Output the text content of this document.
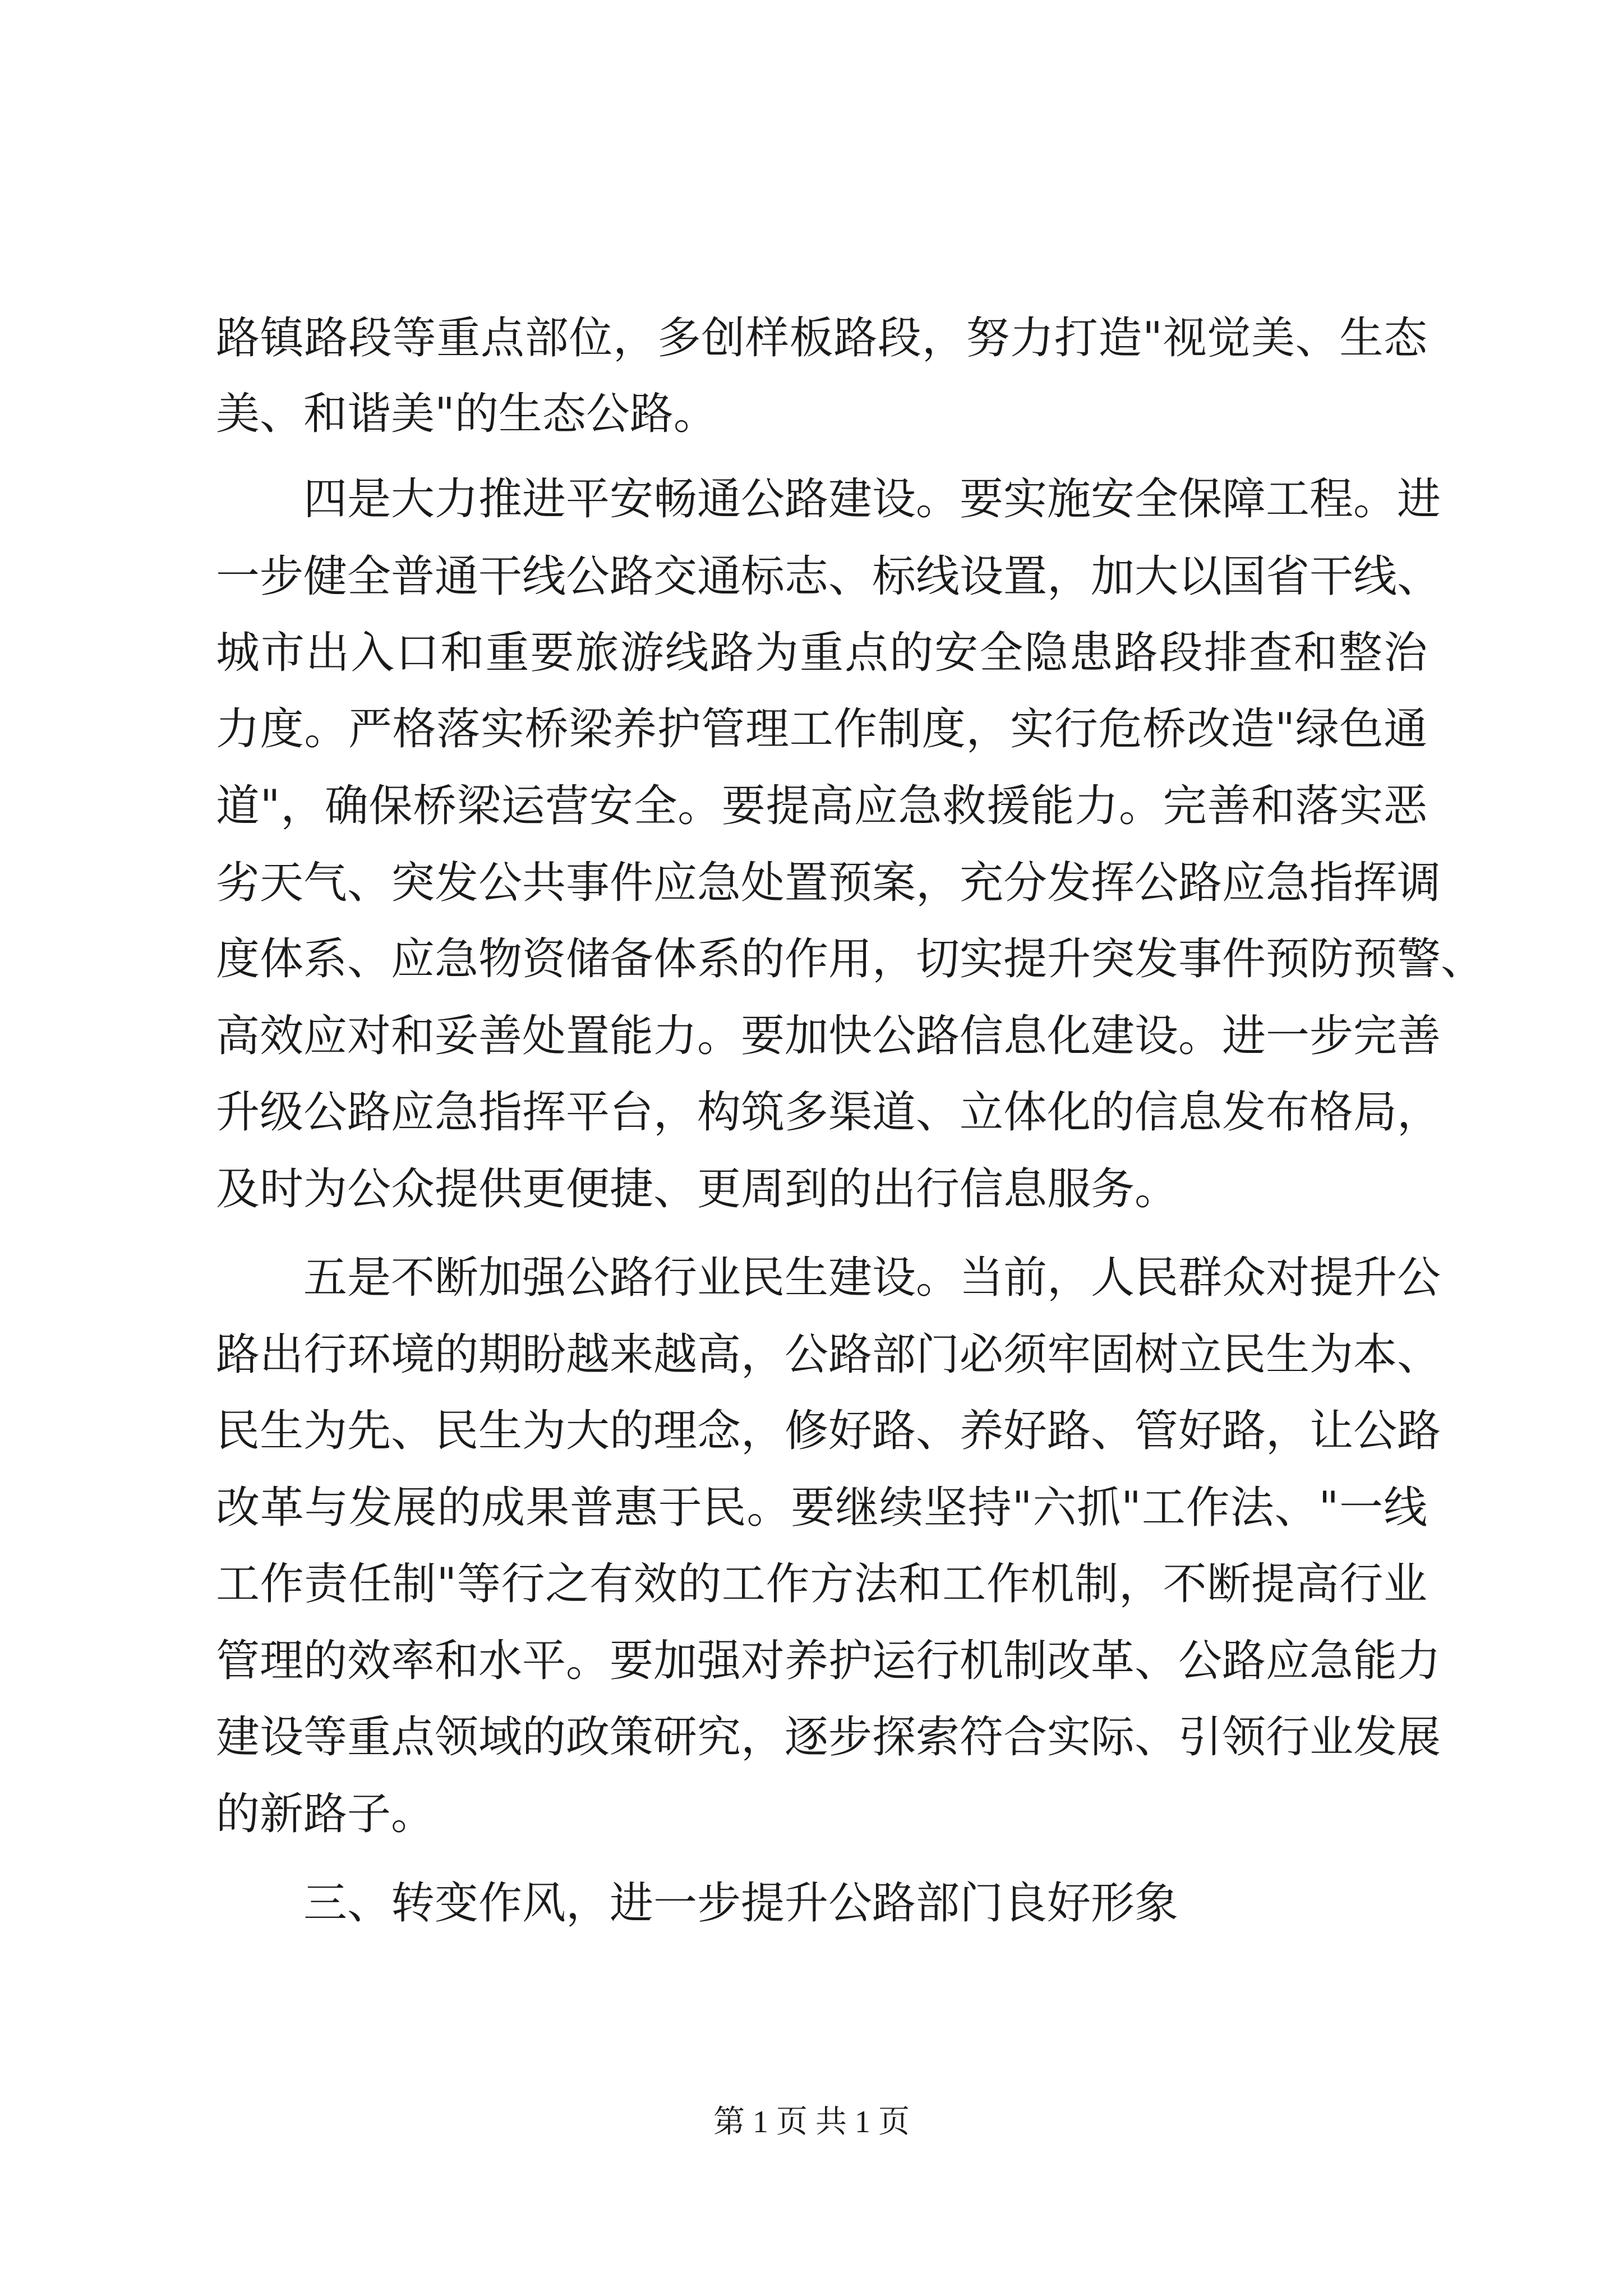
路镇路段等重点部位，多创样板路段，努力打造"视觉美、生态
美、和谐美"的生态公路。
四是大力推进平安畅通公路建设。要实施安全保障工程。进
一步健全普通干线公路交通标志、标线设置，加大以国省干线、
城市出入口和重要旅游线路为重点的安全隐患路段排查和整治
力度。严格落实桥梁养护管理工作制度，实行危桥改造"绿色通
道"，确保桥梁运营安全。要提高应急救援能力。完善和落实恶
劣天气、突发公共事件应急处置预案，充分发挥公路应急指挥调
度体系、应急物资储备体系的作用，切实提升突发事件预防预警、
高效应对和妥善处置能力。要加快公路信息化建设。进一步完善
升级公路应急指挥平台，构筑多渠道、立体化的信息发布格局，
及时为公众提供更便捷、更周到的出行信息服务。
五是不断加强公路行业民生建设。当前，人民群众对提升公
路出行环境的期盼越来越高，公路部门必须牢固树立民生为本、
民生为先、民生为大的理念，修好路、养好路、管好路，让公路
改革与发展的成果普惠于民。要继续坚持"六抓"工作法、"一线
工作责任制"等行之有效的工作方法和工作机制，不断提高行业
管理的效率和水平。要加强对养护运行机制改革、公路应急能力
建设等重点领域的政策研究，逐步探索符合实际、引领行业发展
的新路子。
三、转变作风，进一步提升公路部门良好形象
第 1 页 共 1 页
